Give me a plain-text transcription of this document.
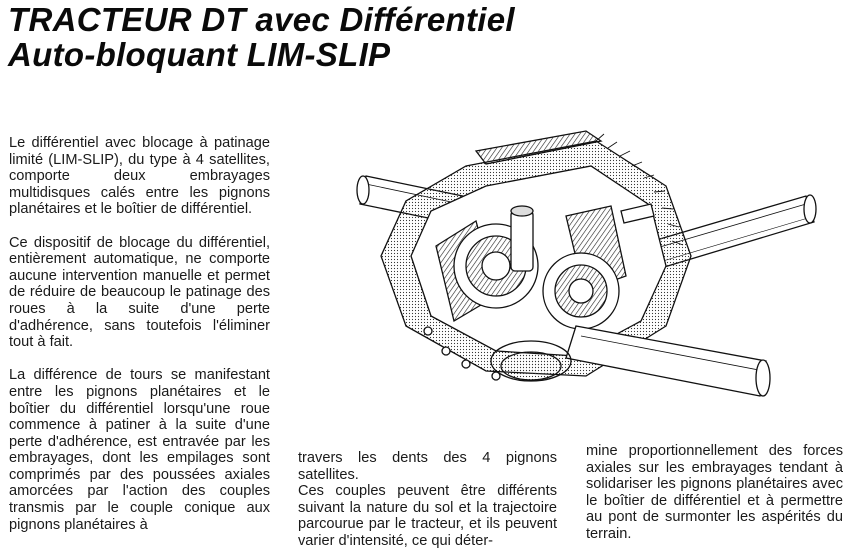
TRACTEUR DT avec Différentiel
Auto-bloquant LIM-SLIP

Le différentiel avec blocage à patinage limité (LIM-SLIP), du type à 4 satellites, comporte deux embrayages multidisques calés entre les pignons planétaires et le boîtier de différentiel.

Ce dispositif de blocage du différentiel, entièrement automatique, ne comporte aucune intervention manuelle et permet de réduire de beaucoup le patinage des roues à la suite d'une perte d'adhérence, sans toutefois l'éliminer tout à fait.

La différence de tours se manifestant entre les pignons planétaires et le boîtier du différentiel lorsqu'une roue commence à patiner à la suite d'une perte d'adhérence, est entravée par les embrayages, dont les empilages sont comprimés par des poussées axiales amorcées par l'action des couples transmis par le couple conique aux pignons planétaires à

travers les dents des 4 pignons satellites.

Ces couples peuvent être différents suivant la nature du sol et la trajectoire parcourue par le tracteur, et ils peuvent varier d'intensité, ce qui déter-

mine proportionnellement des forces axiales sur les embrayages tendant à solidariser les pignons planétaires avec le boîtier de différentiel et à permettre au pont de surmonter les aspérités du terrain.
